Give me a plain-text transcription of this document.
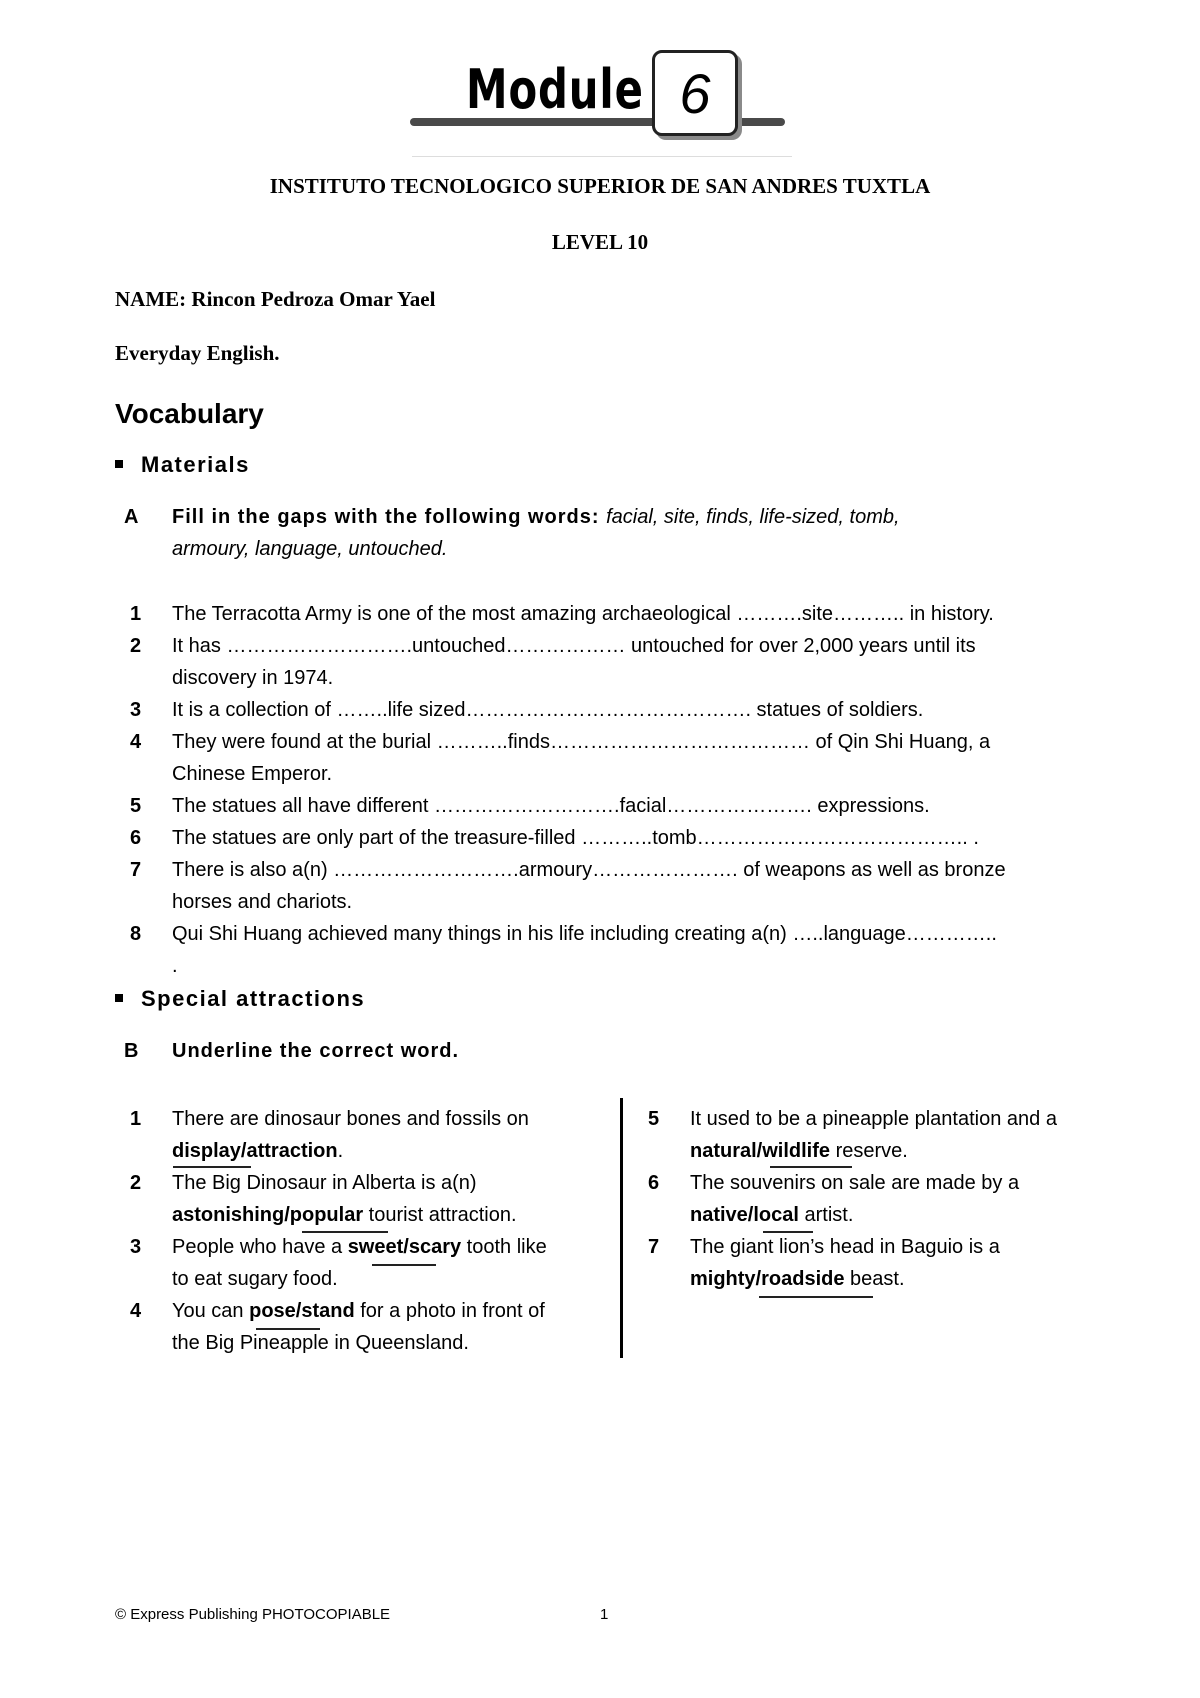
Module 6
INSTITUTO TECNOLOGICO SUPERIOR DE SAN ANDRES TUXTLA
LEVEL 10
NAME: Rincon Pedroza Omar Yael
Everyday English.
Vocabulary
Materials
A Fill in the gaps with the following words: facial, site, finds, life-sized, tomb,
armoury, language, untouched.
1 The Terracotta Army is one of the most amazing archaeological ……….site……….. in history.
2 It has ……………………….untouched……………… untouched for over 2,000 years until its
discovery in 1974.
3 It is a collection of ……..life sized……………………………………. statues of soldiers.
4 They were found at the burial ………..finds………………………………… of Qin Shi Huang, a
Chinese Emperor.
5 The statues all have different ……………………….facial…………………. expressions.
6 The statues are only part of the treasure-filled ………..tomb………………………………….. .
7 There is also a(n) ……………………….armoury…………………. of weapons as well as bronze
horses and chariots.
8 Qui Shi Huang achieved many things in his life including creating a(n) …..language…………..
.
Special attractions
B Underline the correct word.
1 There are dinosaur bones and fossils on
display/attraction.
2 The Big Dinosaur in Alberta is a(n)
astonishing/popular tourist attraction.
3 People who have a sweet/scary tooth like
to eat sugary food.
4 You can pose/stand for a photo in front of
the Big Pineapple in Queensland.
5 It used to be a pineapple plantation and a
natural/wildlife reserve.
6 The souvenirs on sale are made by a
native/local artist.
7 The giant lion’s head in Baguio is a
mighty/roadside beast.
© Express Publishing PHOTOCOPIABLE	1
